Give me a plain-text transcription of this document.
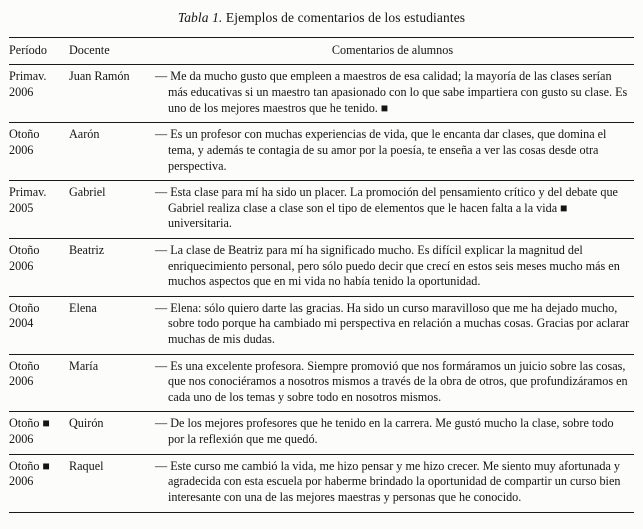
Tabla 1. Ejemplos de comentarios de los estudiantes
Período	Docente	Comentarios de alumnos
Primav. 2006	Juan Ramón	— Me da mucho gusto que empleen a maestros de esa calidad; la mayoría de las clases serían más educativas si un maestro tan apasionado con lo que sabe impartiera con gusto su clase. Es uno de los mejores maestros que he tenido. ■
Otoño 2006	Aarón	— Es un profesor con muchas experiencias de vida, que le encanta dar clases, que domina el tema, y además te contagia de su amor por la poesía, te enseña a ver las cosas desde otra perspectiva.
Primav. 2005	Gabriel	— Esta clase para mí ha sido un placer. La promoción del pensamiento crítico y del debate que Gabriel realiza clase a clase son el tipo de elementos que le hacen falta a la vida ■ universitaria.
Otoño 2006	Beatriz	— La clase de Beatriz para mí ha significado mucho. Es difícil explicar la magnitud del enriquecimiento personal, pero sólo puedo decir que crecí en estos seis meses mucho más en muchos aspectos que en mi vida no había tenido la oportunidad.
Otoño 2004	Elena	— Elena: sólo quiero darte las gracias. Ha sido un curso maravilloso que me ha dejado mucho, sobre todo porque ha cambiado mi perspectiva en relación a muchas cosas. Gracias por aclarar muchas de mis dudas.
Otoño 2006	María	— Es una excelente profesora. Siempre promovió que nos formáramos un juicio sobre las cosas, que nos conociéramos a nosotros mismos a través de la obra de otros, que profundizáramos en cada uno de los temas y sobre todo en nosotros mismos.
Otoño ■ 2006	Quirón	— De los mejores profesores que he tenido en la carrera. Me gustó mucho la clase, sobre todo por la reflexión que me quedó.
Otoño ■ 2006	Raquel	— Este curso me cambió la vida, me hizo pensar y me hizo crecer. Me siento muy afortunada y agradecida con esta escuela por haberme brindado la oportunidad de compartir un curso bien interesante con una de las mejores maestras y personas que he conocido.
